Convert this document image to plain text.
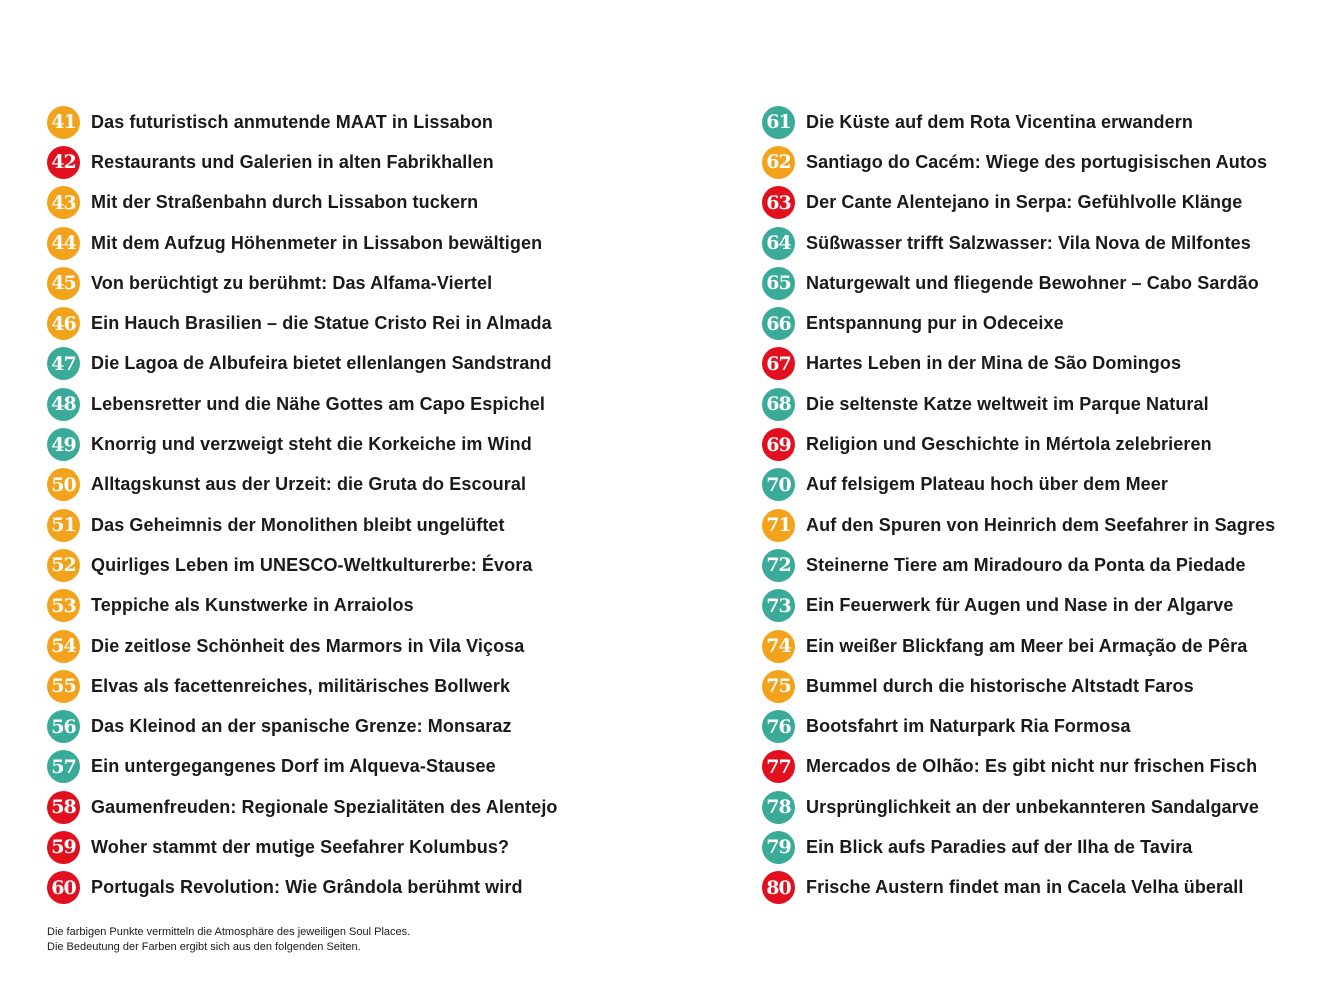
41 Das futuristisch anmutende MAAT in Lissabon
42 Restaurants und Galerien in alten Fabrikhallen
43 Mit der Straßenbahn durch Lissabon tuckern
44 Mit dem Aufzug Höhenmeter in Lissabon bewältigen
45 Von berüchtigt zu berühmt: Das Alfama-Viertel
46 Ein Hauch Brasilien – die Statue Cristo Rei in Almada
47 Die Lagoa de Albufeira bietet ellenlangen Sandstrand
48 Lebensretter und die Nähe Gottes am Capo Espichel
49 Knorrig und verzweigt steht die Korkeiche im Wind
50 Alltagskunst aus der Urzeit: die Gruta do Escoural
51 Das Geheimnis der Monolithen bleibt ungelüftet
52 Quirliges Leben im UNESCO-Weltkulturerbe: Évora
53 Teppiche als Kunstwerke in Arraiolos
54 Die zeitlose Schönheit des Marmors in Vila Viçosa
55 Elvas als facettenreiches, militärisches Bollwerk
56 Das Kleinod an der spanische Grenze: Monsaraz
57 Ein untergegangenes Dorf im Alqueva-Stausee
58 Gaumenfreuden: Regionale Spezialitäten des Alentejo
59 Woher stammt der mutige Seefahrer Kolumbus?
60 Portugals Revolution: Wie Grândola berühmt wird
61 Die Küste auf dem Rota Vicentina erwandern
62 Santiago do Cacém: Wiege des portugisischen Autos
63 Der Cante Alentejano in Serpa: Gefühlvolle Klänge
64 Süßwasser trifft Salzwasser: Vila Nova de Milfontes
65 Naturgewalt und fliegende Bewohner – Cabo Sardão
66 Entspannung pur in Odeceixe
67 Hartes Leben in der Mina de São Domingos
68 Die seltenste Katze weltweit im Parque Natural
69 Religion und Geschichte in Mértola zelebrieren
70 Auf felsigem Plateau hoch über dem Meer
71 Auf den Spuren von Heinrich dem Seefahrer in Sagres
72 Steinerne Tiere am Miradouro da Ponta da Piedade
73 Ein Feuerwerk für Augen und Nase in der Algarve
74 Ein weißer Blickfang am Meer bei Armação de Pêra
75 Bummel durch die historische Altstadt Faros
76 Bootsfahrt im Naturpark Ria Formosa
77 Mercados de Olhão: Es gibt nicht nur frischen Fisch
78 Ursprünglichkeit an der unbekannteren Sandalgarve
79 Ein Blick aufs Paradies auf der Ilha de Tavira
80 Frische Austern findet man in Cacela Velha überall
Die farbigen Punkte vermitteln die Atmosphäre des jeweiligen Soul Places.
Die Bedeutung der Farben ergibt sich aus den folgenden Seiten.
